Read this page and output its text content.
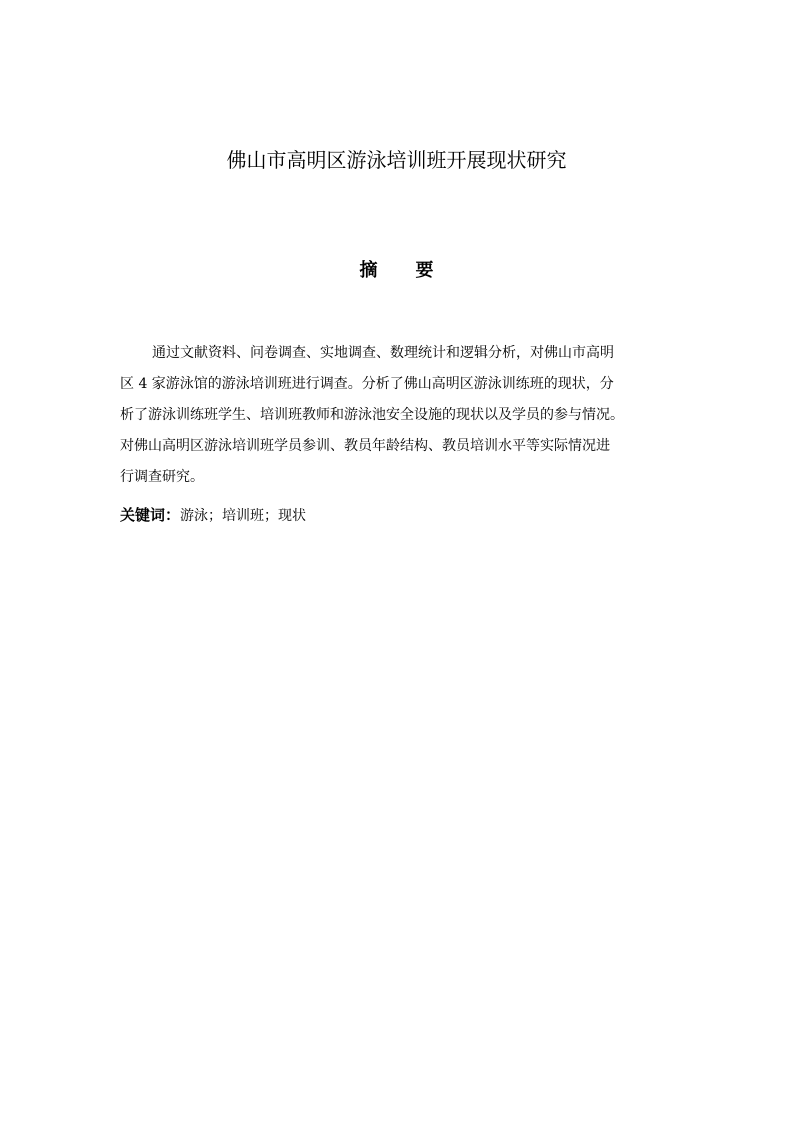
佛山市高明区游泳培训班开展现状研究
摘 要
通过文献资料、问卷调查、实地调查、数理统计和逻辑分析，对佛山市高明
区 4 家游泳馆的游泳培训班进行调查。分析了佛山高明区游泳训练班的现状，分
析了游泳训练班学生、培训班教师和游泳池安全设施的现状以及学员的参与情况。
对佛山高明区游泳培训班学员参训、教员年龄结构、教员培训水平等实际情况进
行调查研究。
关键词：游泳；培训班；现状
